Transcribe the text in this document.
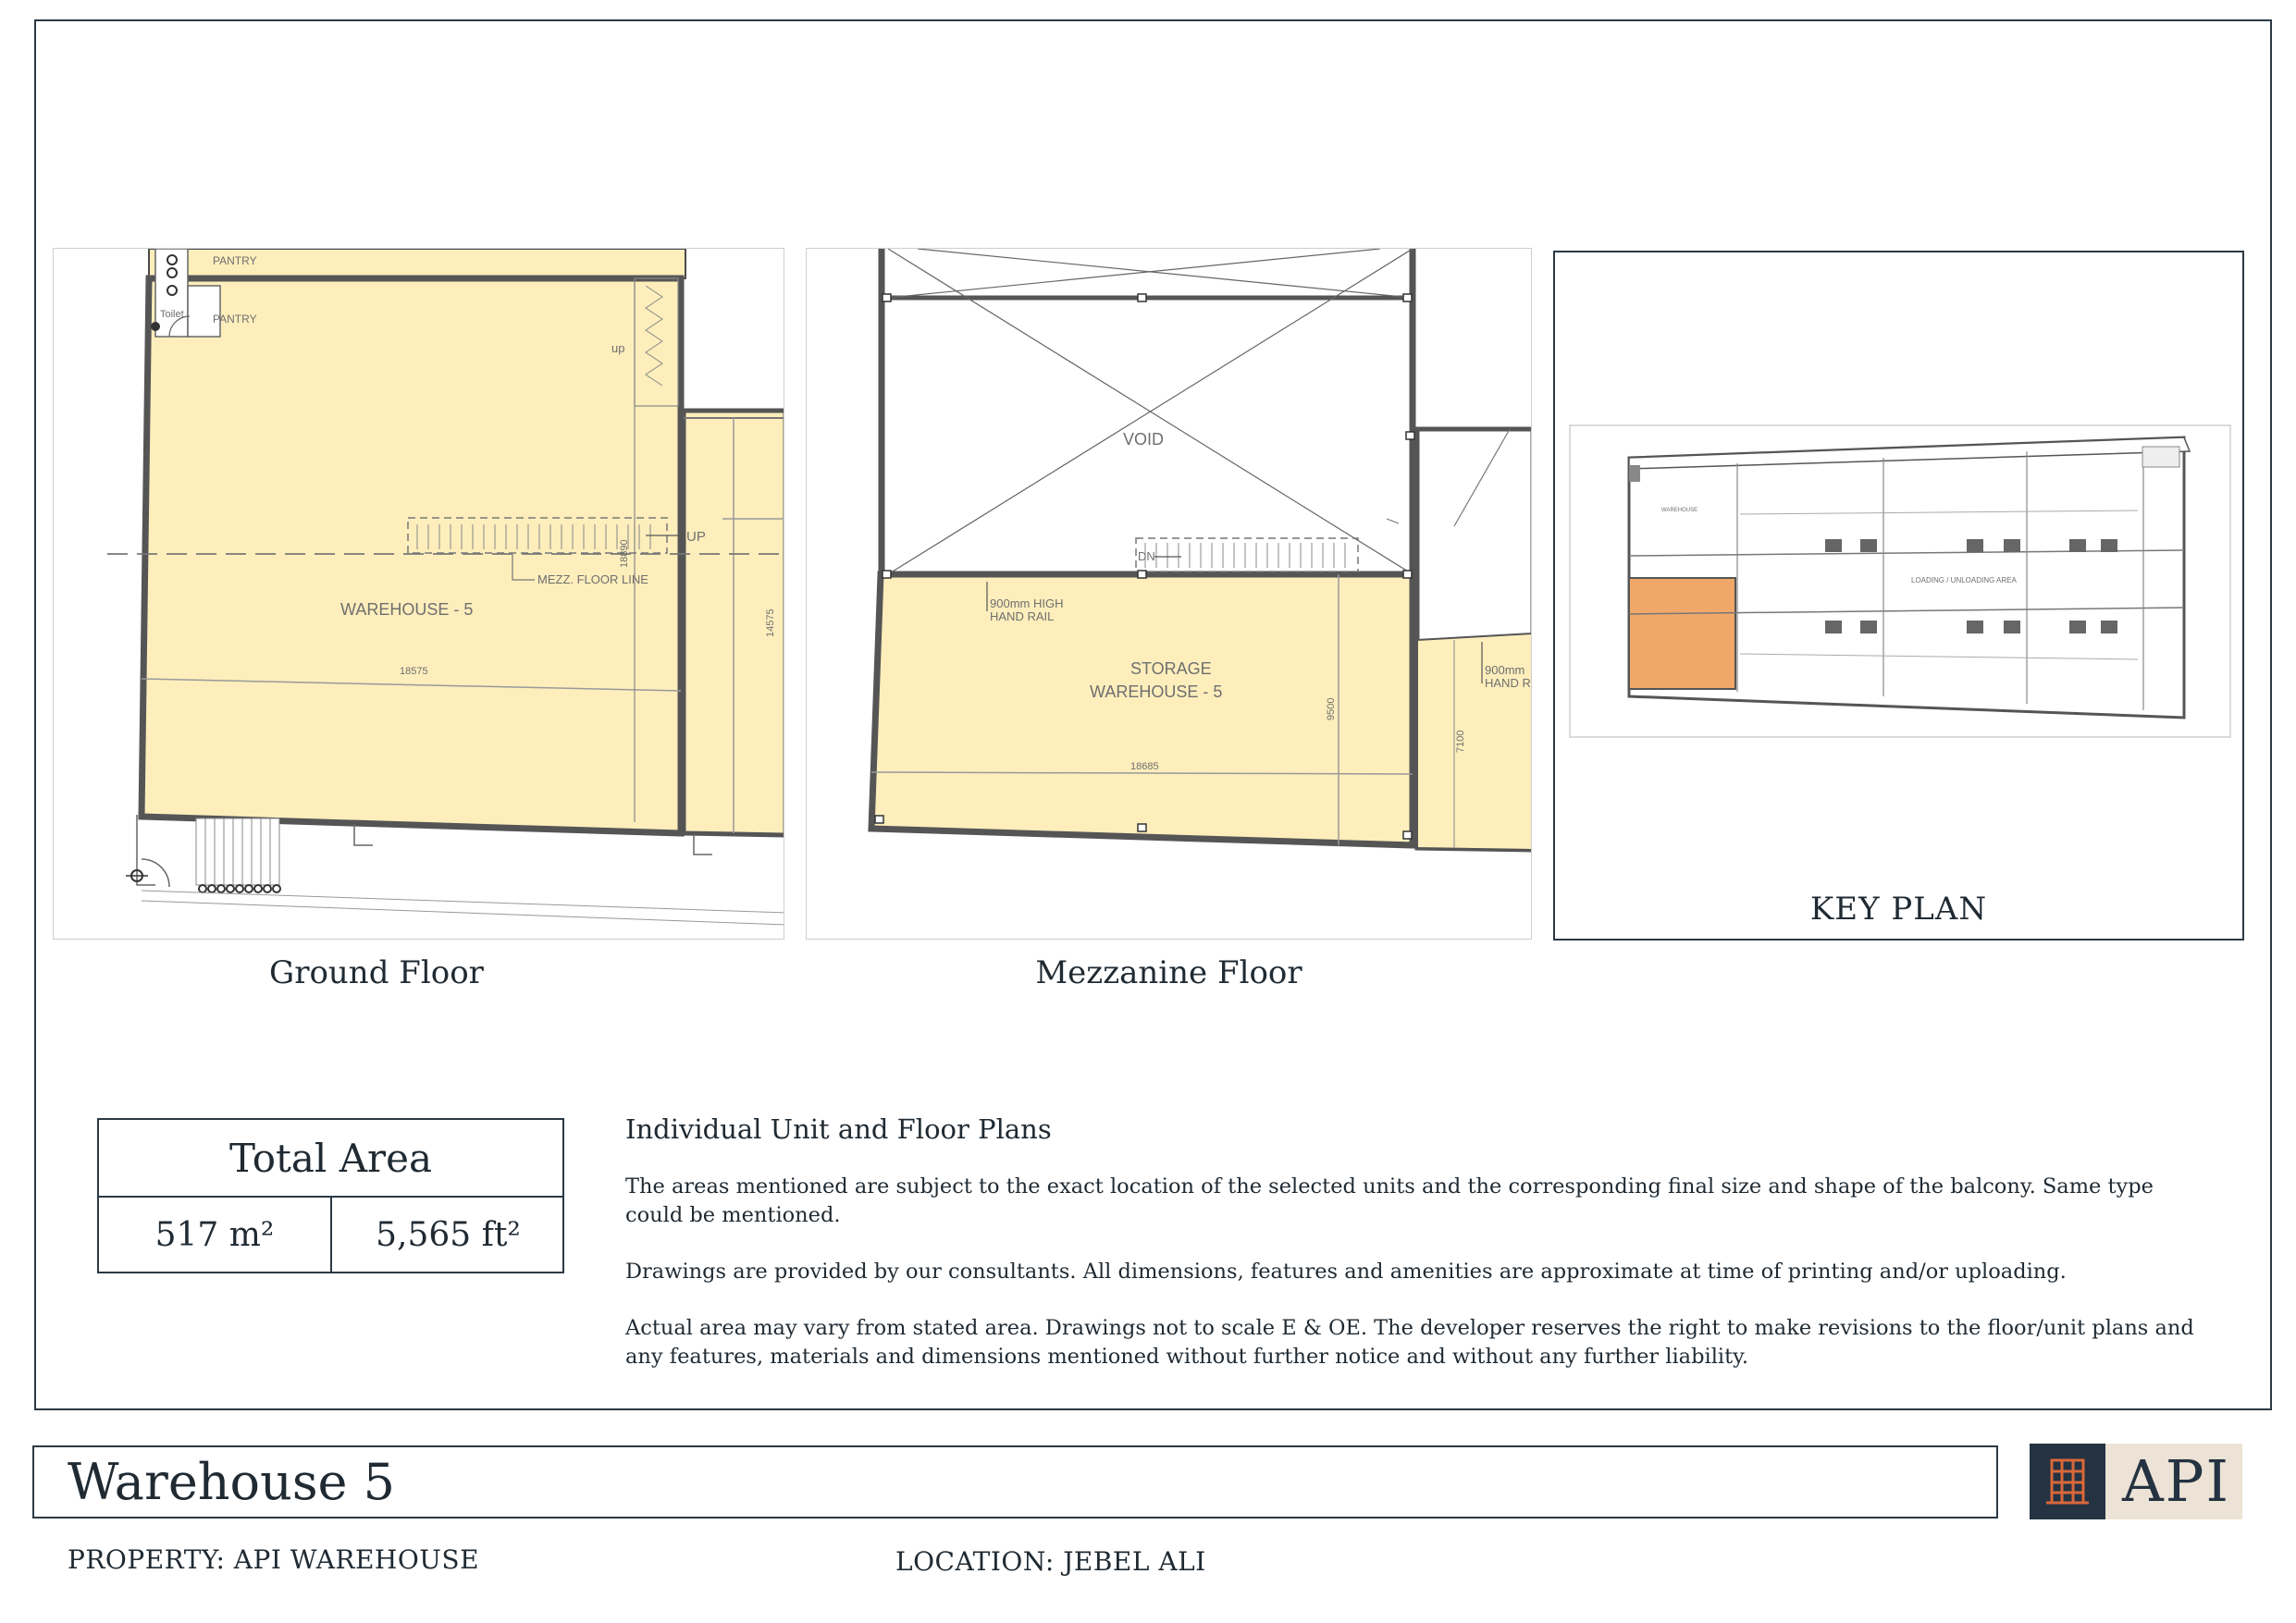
PANTRY
PANTRY
Toilet
up
UP
MEZZ. FLOOR LINE
WAREHOUSE - 5
18575
18890
14575
Ground Floor
VOID
DN
900mm HIGH
HAND RAIL
900mm
HAND R
STORAGE
WAREHOUSE - 5
18685
9500
7100
Mezzanine Floor
LOADING / UNLOADING AREA
WAREHOUSE
KEY PLAN
Total Area
517 m²	5,565 ft²
Individual Unit and Floor Plans

The areas mentioned are subject to the exact location of the selected units and the corresponding final size and shape of the balcony. Same type could be mentioned.

Drawings are provided by our consultants. All dimensions, features and amenities are approximate at time of printing and/or uploading.

Actual area may vary from stated area. Drawings not to scale E & OE. The developer reserves the right to make revisions to the floor/unit plans and any features, materials and dimensions mentioned without further notice and without any further liability.

Warehouse 5
PROPERTY: API WAREHOUSE	LOCATION: JEBEL ALI
API
